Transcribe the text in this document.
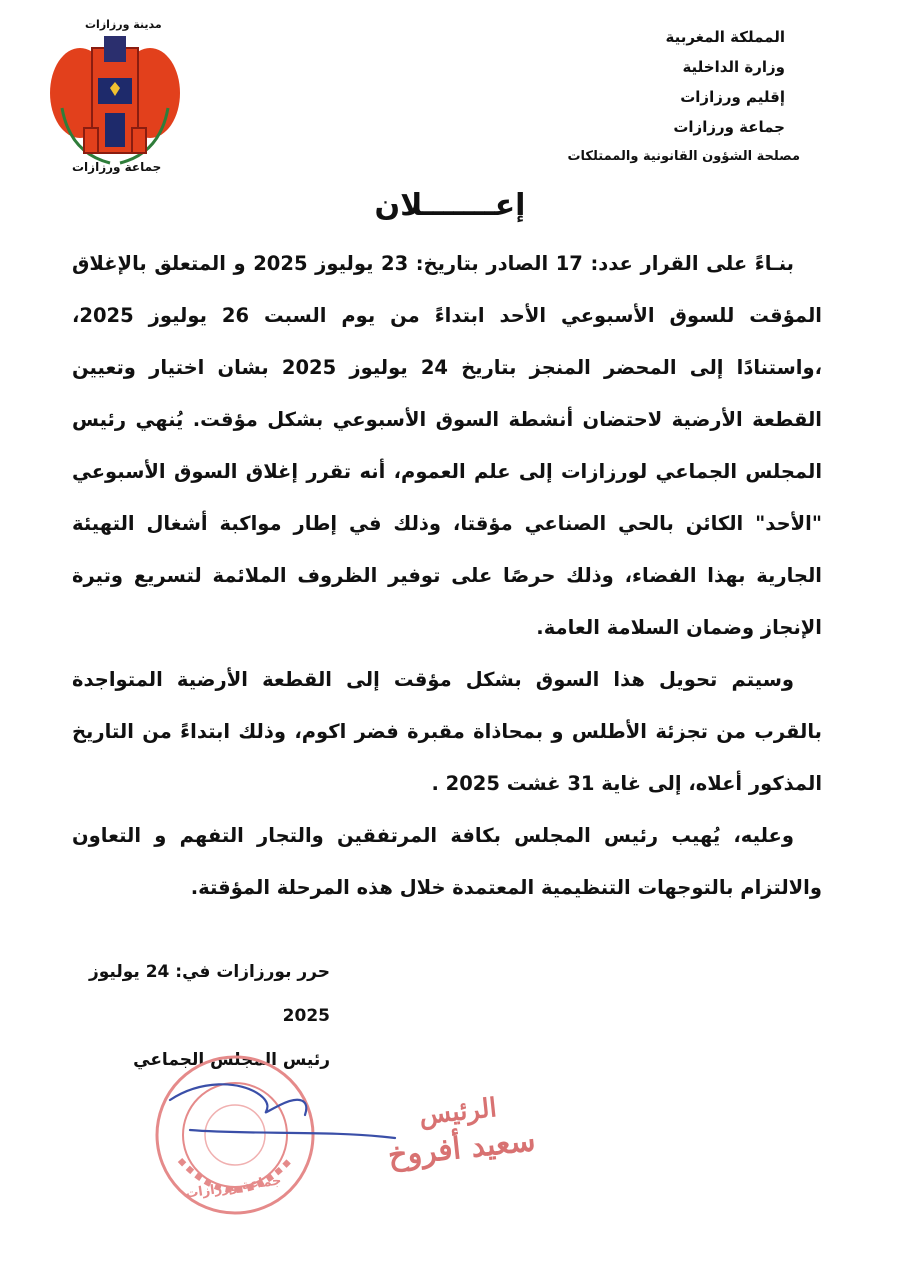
المملكة المغربية
وزارة الداخلية
إقليم ورزازات
جماعة ورزازات
مصلحة الشؤون القانونية والممتلكات
مدينة ورزازات
جماعة ورزازات
إعـــــــلان

بنـاءً على القرار عدد: 17 الصادر بتاريخ: 23 يوليوز 2025 و المتعلق بالإغلاق المؤقت للسوق الأسبوعي الأحد ابتداءً من يوم السبت 26 يوليوز 2025، ،واستنادًا إلى المحضر المنجز بتاريخ 24 يوليوز 2025 بشان اختيار وتعيين القطعة الأرضية لاحتضان أنشطة السوق الأسبوعي بشكل مؤقت. يُنهي رئيس المجلس الجماعي لورزازات إلى علم العموم، أنه تقرر إغلاق السوق الأسبوعي "الأحد" الكائن بالحي الصناعي مؤقتا، وذلك في إطار مواكبة أشغال التهيئة الجارية بهذا الفضاء، وذلك حرصًا على توفير الظروف الملائمة لتسريع وتيرة الإنجاز وضمان السلامة العامة.

وسيتم تحويل هذا السوق بشكل مؤقت إلى القطعة الأرضية المتواجدة بالقرب من تجزئة الأطلس و بمحاذاة مقبرة فضر اكوم، وذلك ابتداءً من التاريخ المذكور أعلاه، إلى غاية 31 غشت 2025 .

وعليه، يُهيب رئيس المجلس بكافة المرتفقين والتجار التفهم و التعاون والالتزام بالتوجهات التنظيمية المعتمدة خلال هذه المرحلة المؤقتة.

حرر بورزازات في: 24 يوليوز 2025
رئيس المجلس الجماعي
جماعة ورزازات
الرئيس
سعيد أفروخ
